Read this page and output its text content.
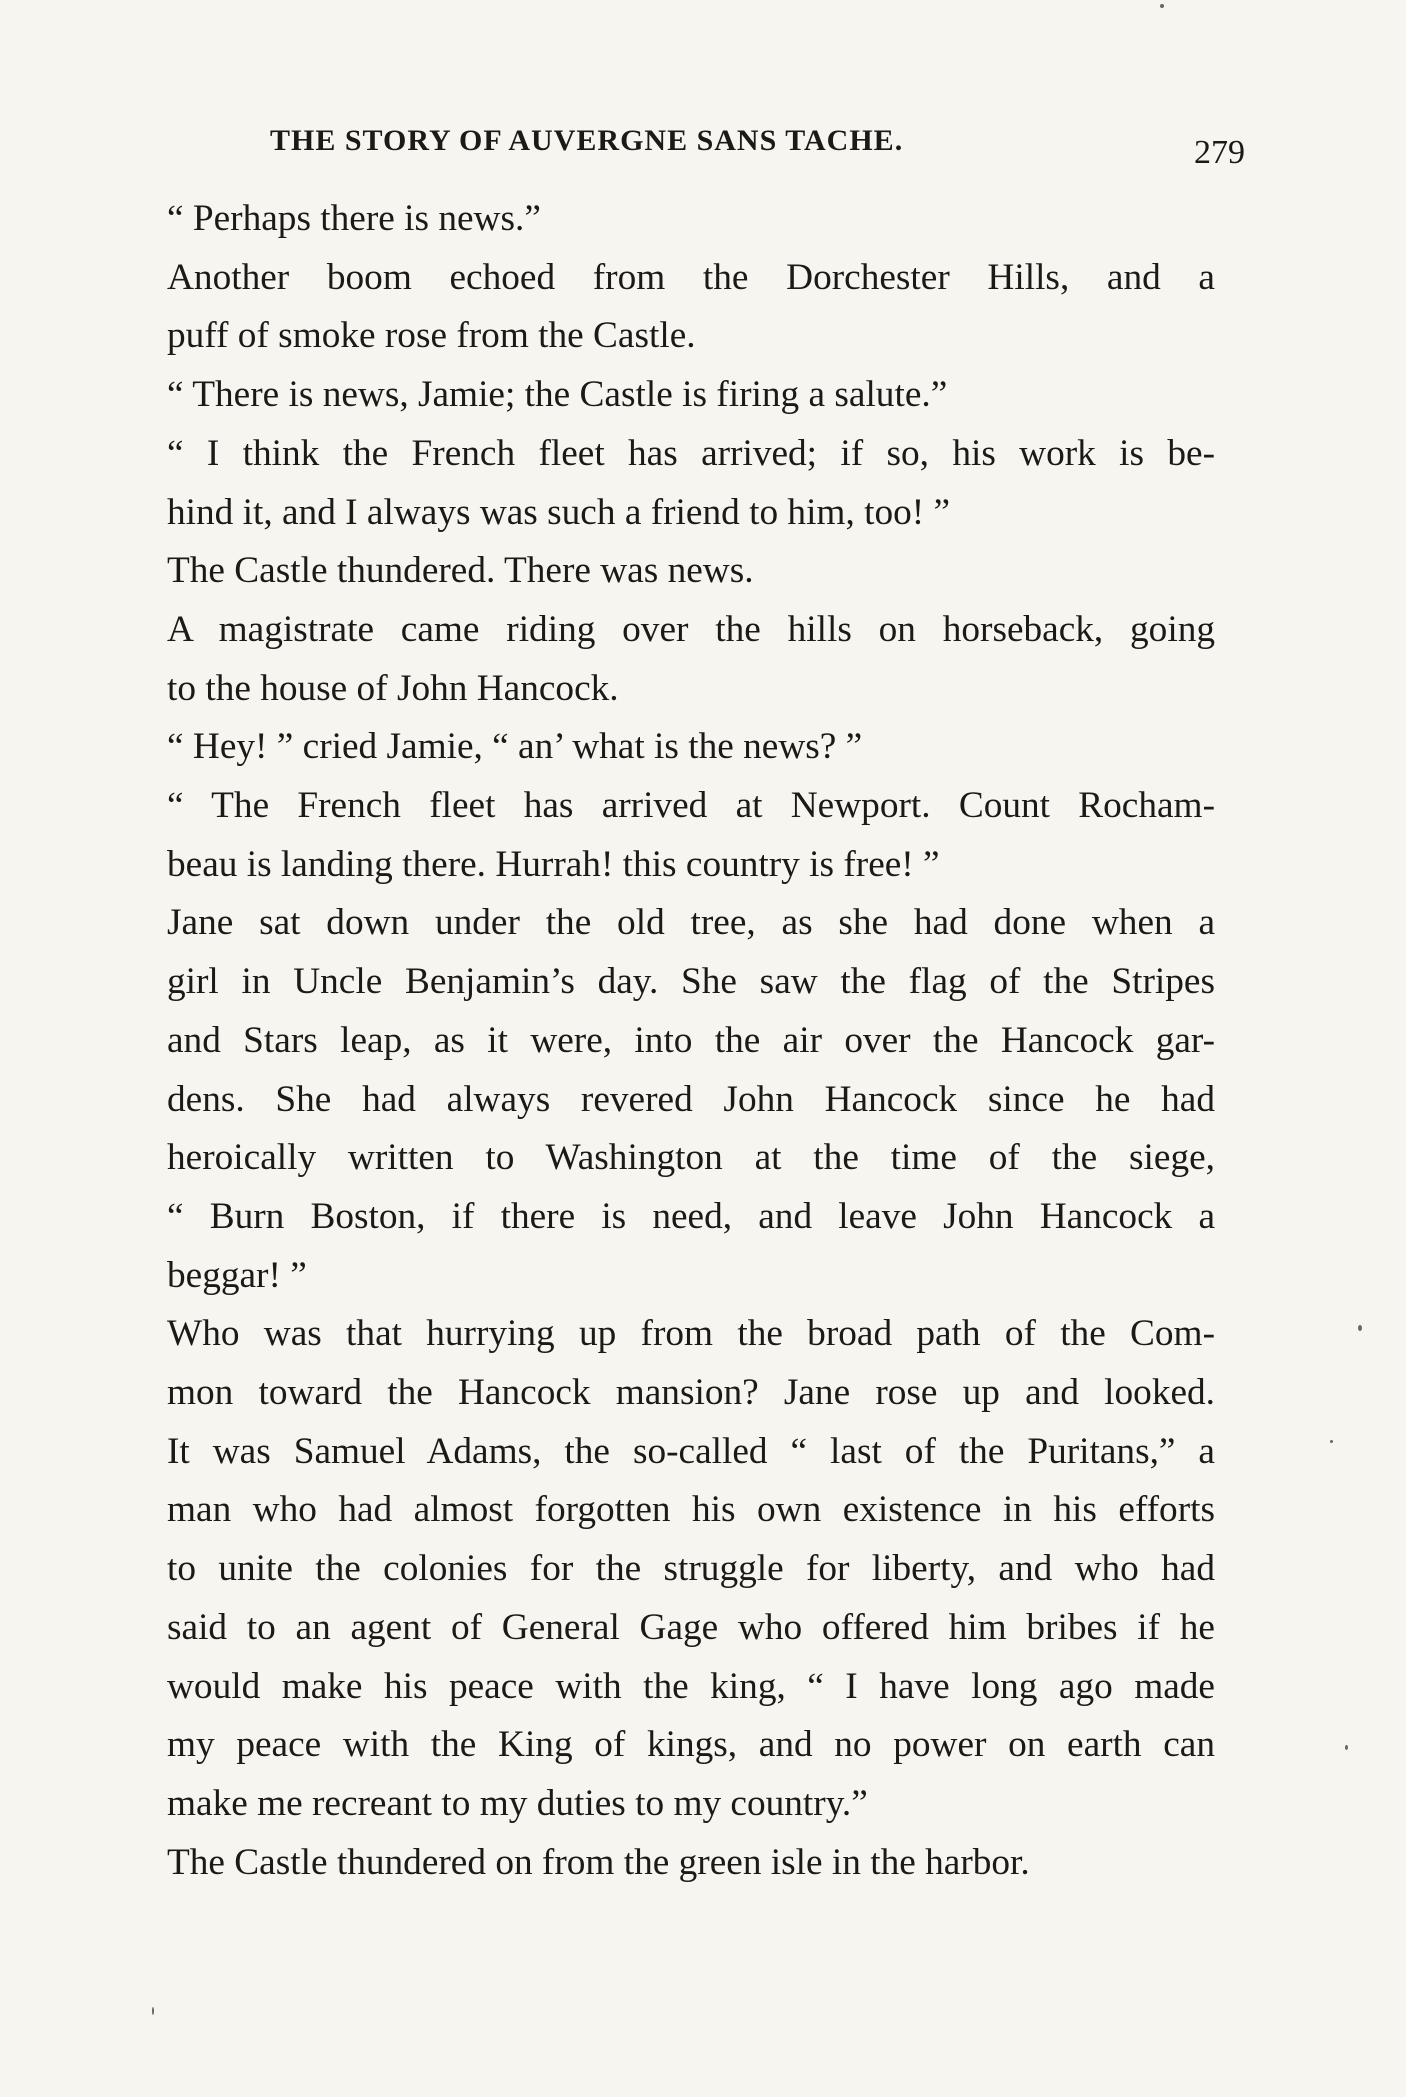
THE STORY OF AUVERGNE SANS TACHE.	279
“ Perhaps there is news.”
Another boom echoed from the Dorchester Hills, and a
puff of smoke rose from the Castle.
“ There is news, Jamie; the Castle is firing a salute.”
“ I think the French fleet has arrived; if so, his work is be-
hind it, and I always was such a friend to him, too! ”
The Castle thundered. There was news.
A magistrate came riding over the hills on horseback, going
to the house of John Hancock.
“ Hey! ” cried Jamie, “ an’ what is the news? ”
“ The French fleet has arrived at Newport. Count Rocham-
beau is landing there. Hurrah! this country is free! ”
Jane sat down under the old tree, as she had done when a
girl in Uncle Benjamin’s day. She saw the flag of the Stripes
and Stars leap, as it were, into the air over the Hancock gar-
dens. She had always revered John Hancock since he had
heroically written to Washington at the time of the siege,
“ Burn Boston, if there is need, and leave John Hancock a
beggar! ”
Who was that hurrying up from the broad path of the Com-
mon toward the Hancock mansion? Jane rose up and looked.
It was Samuel Adams, the so-called “ last of the Puritans,” a
man who had almost forgotten his own existence in his efforts
to unite the colonies for the struggle for liberty, and who had
said to an agent of General Gage who offered him bribes if he
would make his peace with the king, “ I have long ago made
my peace with the King of kings, and no power on earth can
make me recreant to my duties to my country.”
The Castle thundered on from the green isle in the harbor.
